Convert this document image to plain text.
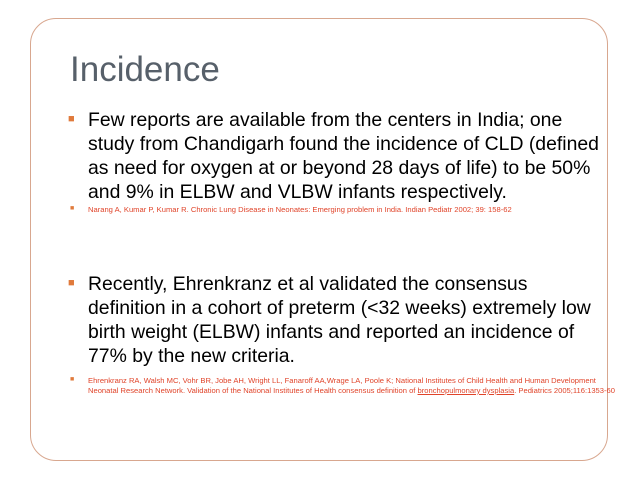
Incidence
■ Few reports are available from the centers in India; one study from Chandigarh found the incidence of CLD (defined as need for oxygen at or beyond 28 days of life) to be 50% and 9% in ELBW and VLBW infants respectively.
■ Narang A, Kumar P, Kumar R. Chronic Lung Disease in Neonates: Emerging problem in India. Indian Pediatr 2002; 39: 158-62
■ Recently, Ehrenkranz et al validated the consensus definition in a cohort of preterm (<32 weeks) extremely low birth weight (ELBW) infants and reported an incidence of 77% by the new criteria.
■ Ehrenkranz RA, Walsh MC, Vohr BR, Jobe AH, Wright LL, Fanaroff AA,Wrage LA, Poole K; National Institutes of Child Health and Human Development Neonatal Research Network. Validation of the National Institutes of Health consensus definition of bronchopulmonary dysplasia. Pediatrics 2005;116:1353-60
